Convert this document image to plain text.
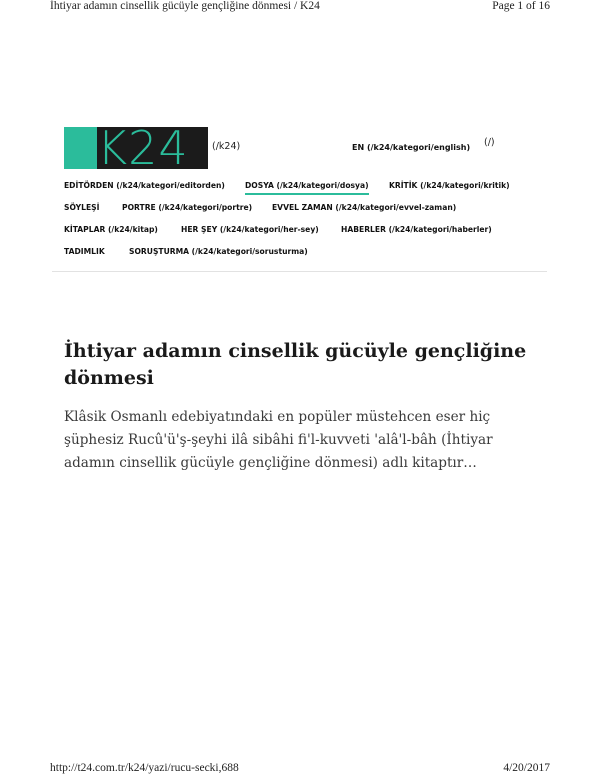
İhtiyar adamın cinsellik gücüyle gençliğine dönmesi / K24	Page 1 of 16
K24	(/k24)	EN (/k24/kategori/english) (/)
EDİTÖRDEN (/k24/kategori/editorden)	DOSYA (/k24/kategori/dosya)	KRİTİK (/k24/kategori/kritik)
SÖYLEŞİ	PORTRE (/k24/kategori/portre)	EVVEL ZAMAN (/k24/kategori/evvel-zaman)
KİTAPLAR (/k24/kitap)	HER ŞEY (/k24/kategori/her-sey)	HABERLER (/k24/kategori/haberler)
TADIMLIK	SORUŞTURMA (/k24/kategori/sorusturma)
İhtiyar adamın cinsellik gücüyle gençliğine dönmesi

Klâsik Osmanlı edebiyatındaki en popüler müstehcen eser hiç şüphesiz Rucû'ü'ş-şeyhi ilâ sibâhi fi'l-kuvveti 'alâ'l-bâh (İhtiyar adamın cinsellik gücüyle gençliğine dönmesi) adlı kitaptır…

http://t24.com.tr/k24/yazi/rucu-secki,688	4/20/2017
